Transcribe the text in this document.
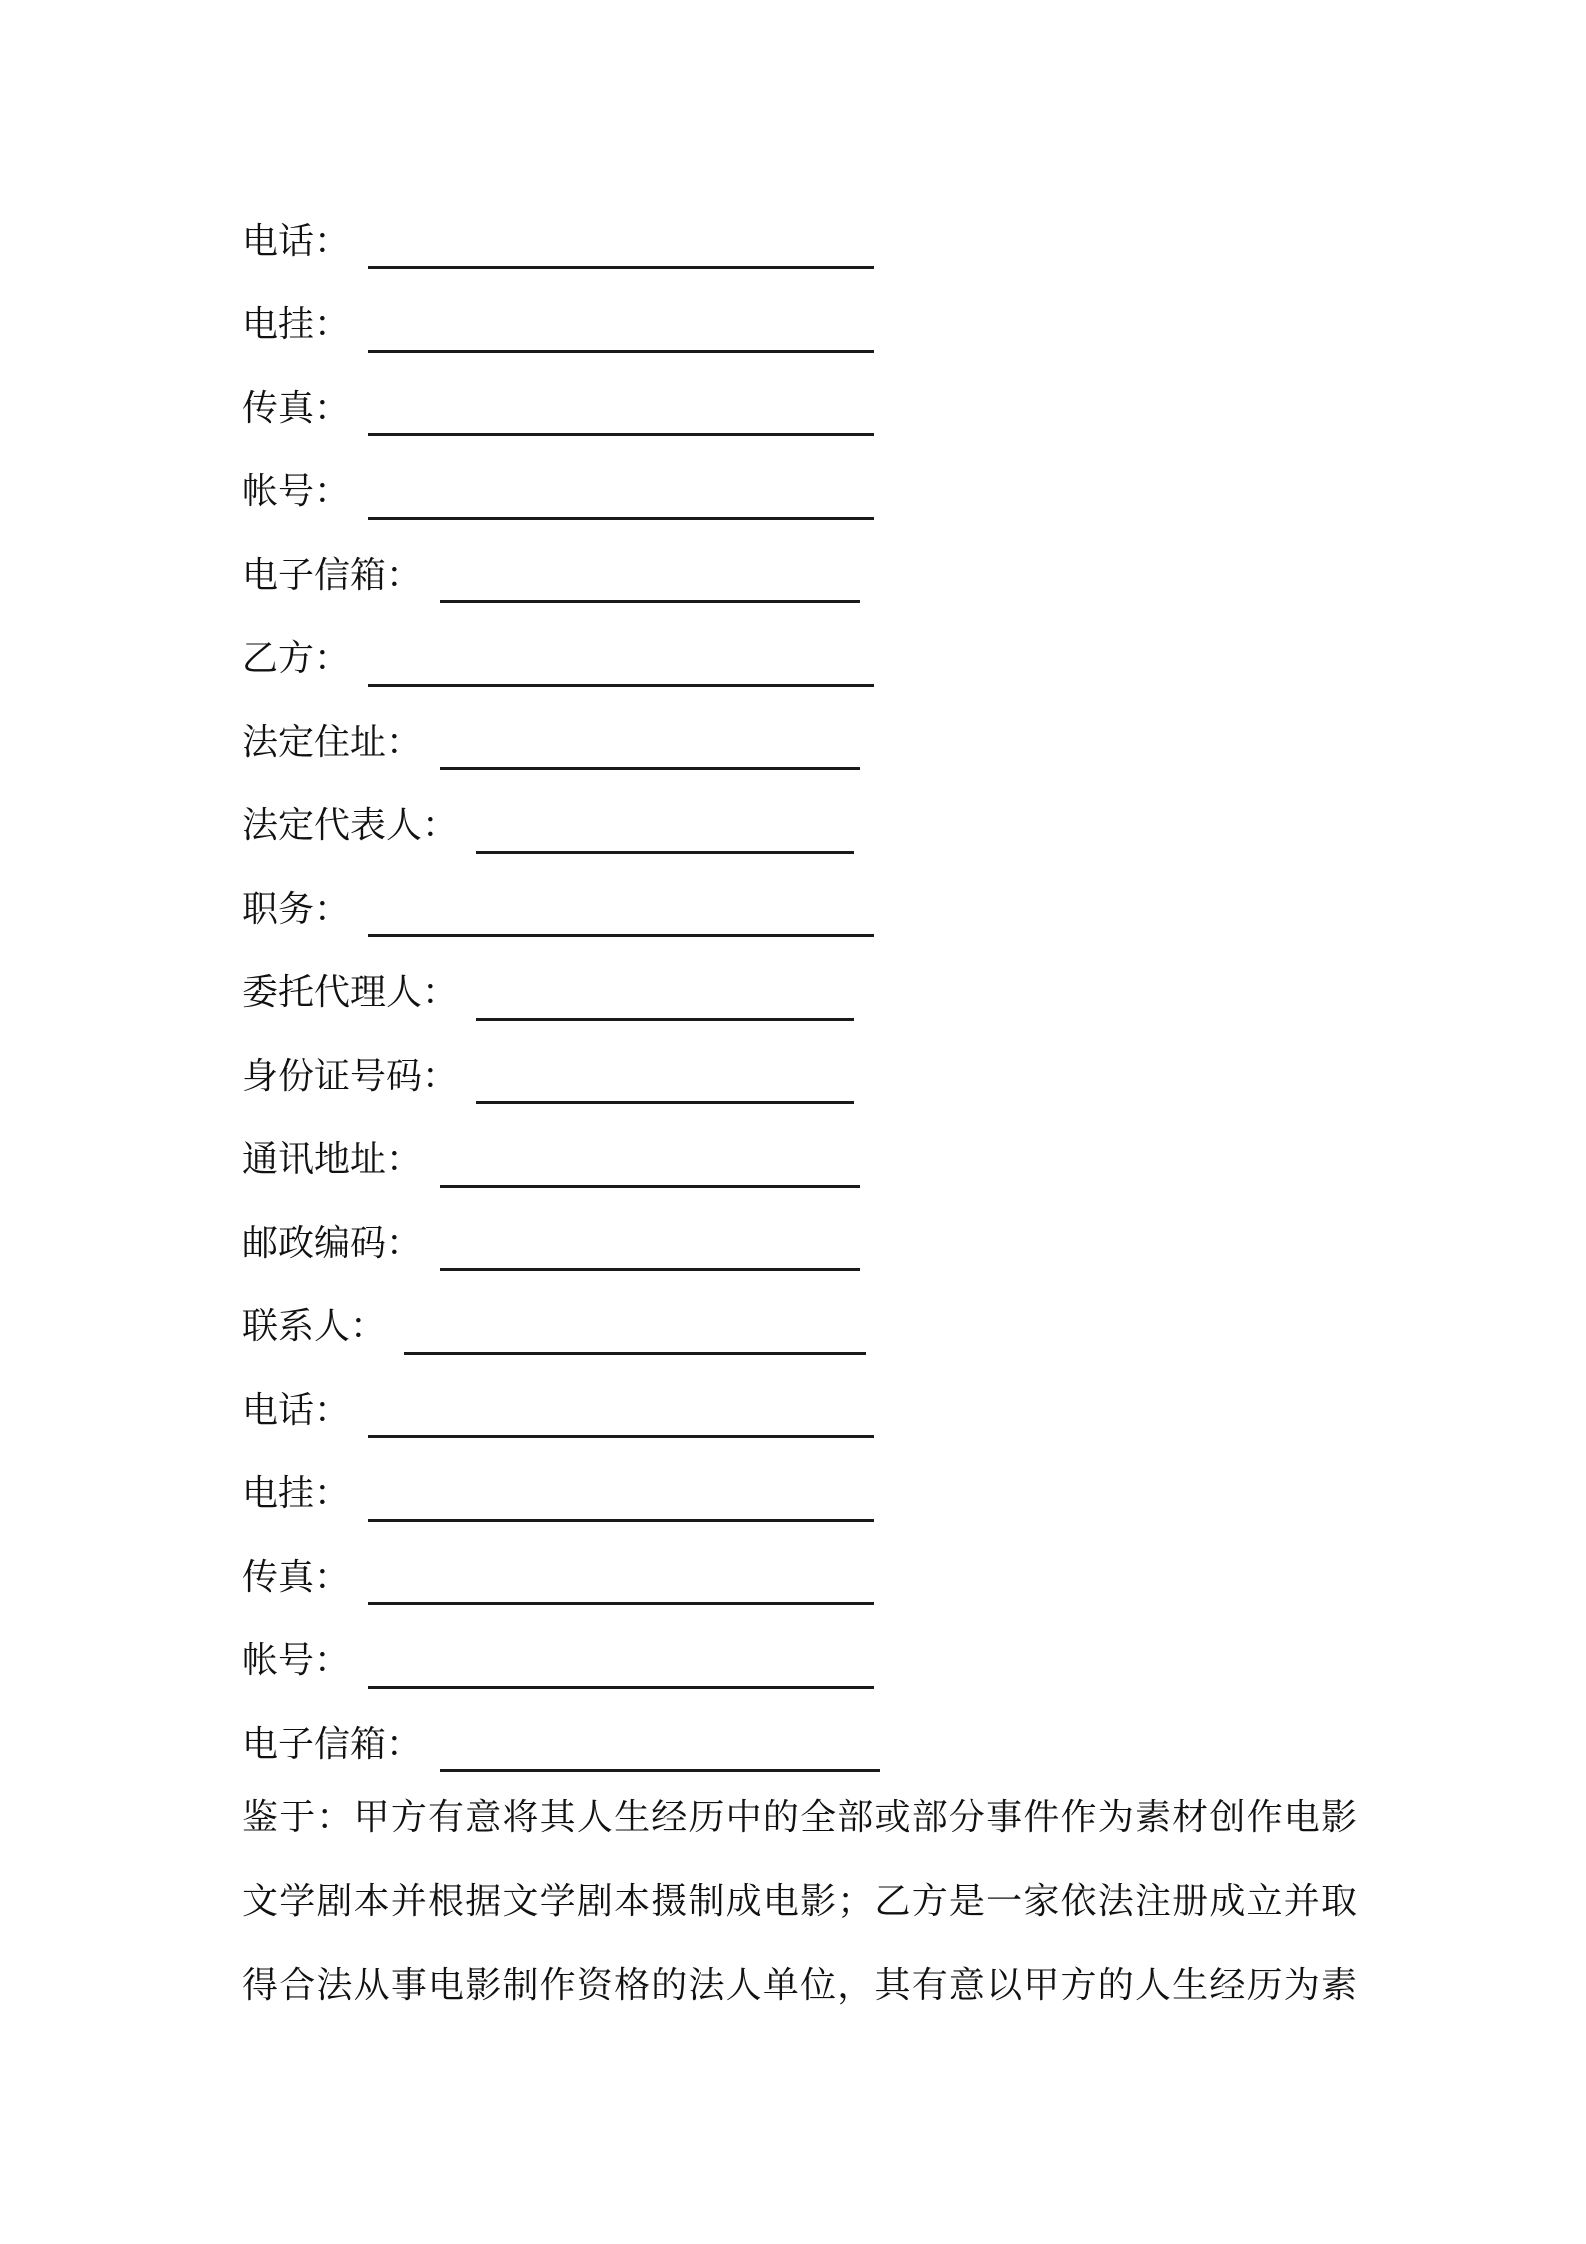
电话 ：
电挂 ：
传真 ：
帐号 ：
电子信箱 ：
乙方 ：
法定住址 ：
法定代表人 ：
职务 ：
委托代理人 ：
身份证号码 ：
通讯地址 ：
邮政编码 ：
联系人 ：
电话 ：
电挂 ：
传真 ：
帐号 ：
电子信箱 ：
鉴于：甲方有意将其人生经历中的全部或部分事件作为素材创作电影
文学剧本并根据文学剧本摄制成电影；乙方是一家依法注册成立并取
得合法从事电影制作资格的法人单位，其有意以甲方的人生经历为素
